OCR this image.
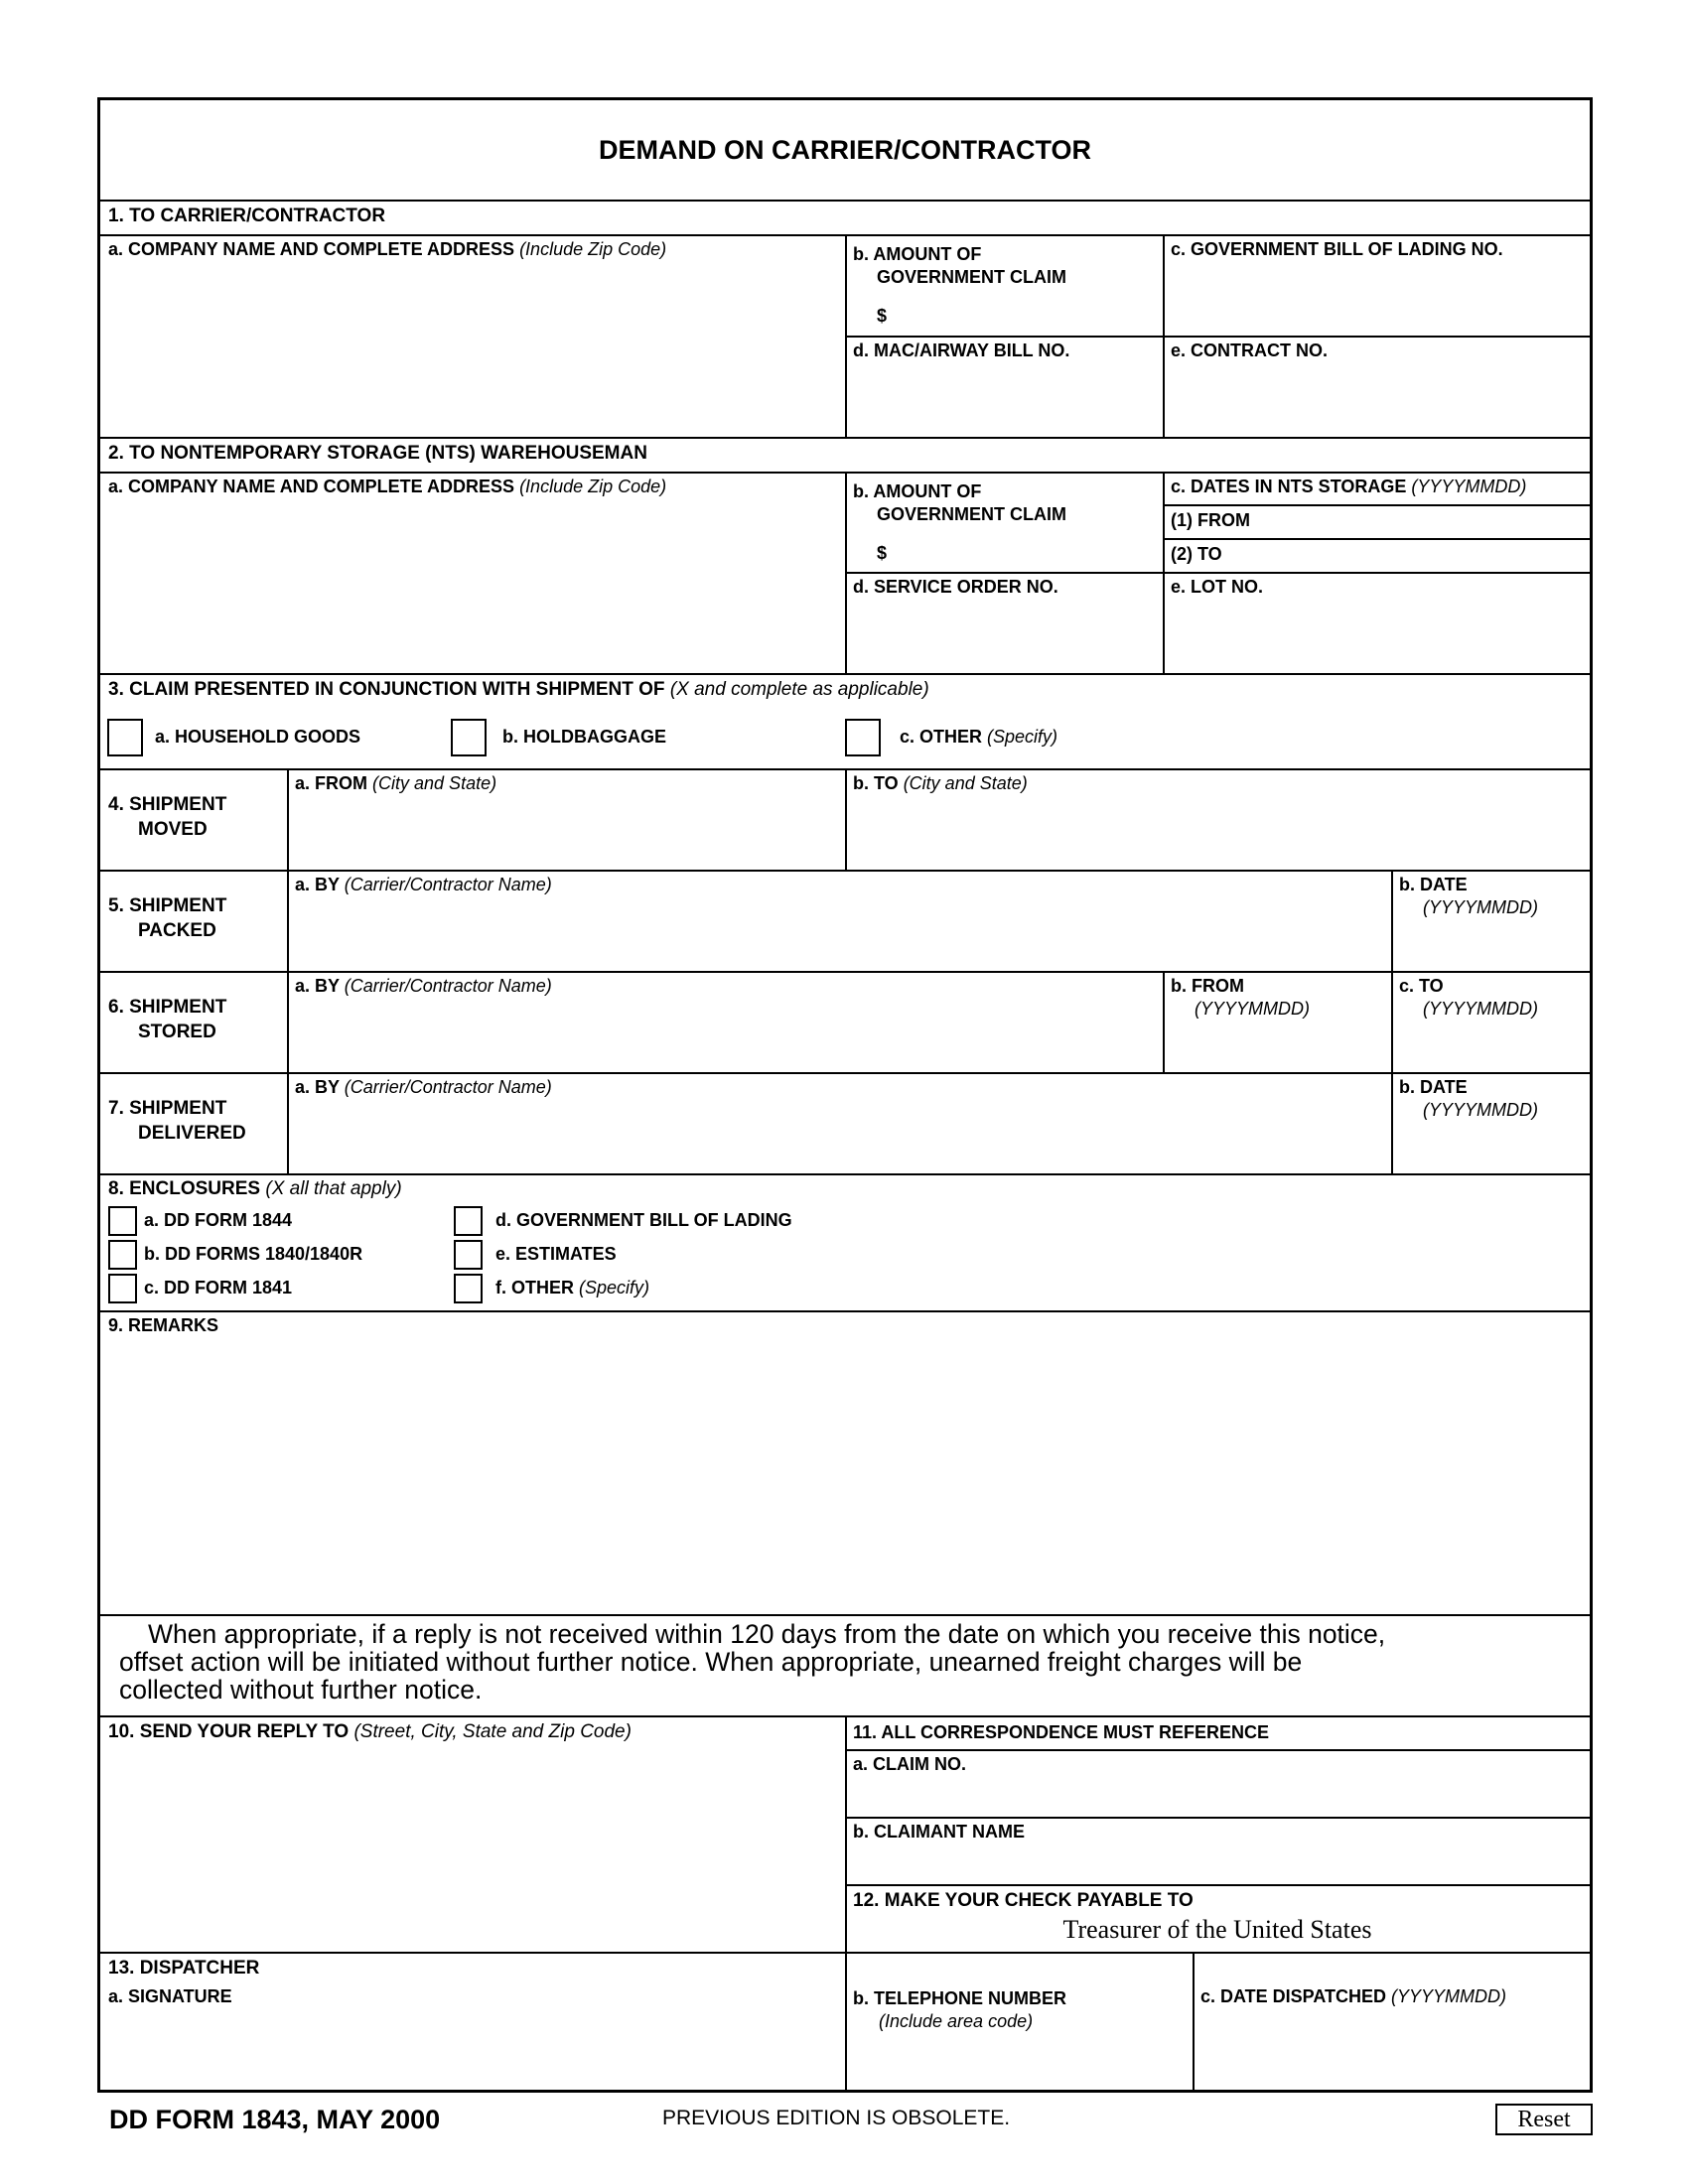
DEMAND ON CARRIER/CONTRACTOR
1. TO CARRIER/CONTRACTOR
a. COMPANY NAME AND COMPLETE ADDRESS (Include Zip Code)	b. AMOUNT OF
GOVERNMENT CLAIM
$
c. GOVERNMENT BILL OF LADING NO.
d. MAC/AIRWAY BILL NO.	e. CONTRACT NO.
2. TO NONTEMPORARY STORAGE (NTS) WAREHOUSEMAN
a. COMPANY NAME AND COMPLETE ADDRESS (Include Zip Code)	b. AMOUNT OF
GOVERNMENT CLAIM
$
c. DATES IN NTS STORAGE (YYYYMMDD)
(1) FROM
(2) TO
d. SERVICE ORDER NO.	e. LOT NO.
3. CLAIM PRESENTED IN CONJUNCTION WITH SHIPMENT OF (X and complete as applicable)
a. HOUSEHOLD GOODS	b. HOLDBAGGAGE	c. OTHER (Specify)
4. SHIPMENT
MOVED
a. FROM (City and State)	b. TO (City and State)
5. SHIPMENT
PACKED
a. BY (Carrier/Contractor Name)	b. DATE
(YYYYMMDD)
6. SHIPMENT
STORED
a. BY (Carrier/Contractor Name)	b. FROM
(YYYYMMDD)
c. TO
(YYYYMMDD)
7. SHIPMENT
DELIVERED
a. BY (Carrier/Contractor Name)	b. DATE
(YYYYMMDD)
8. ENCLOSURES (X all that apply)
a. DD FORM 1844
b. DD FORMS 1840/1840R
c. DD FORM 1841
d. GOVERNMENT BILL OF LADING
e. ESTIMATES
f. OTHER (Specify)
9. REMARKS
When appropriate, if a reply is not received within 120 days from the date on which you receive this notice,
offset action will be initiated without further notice. When appropriate, unearned freight charges will be
collected without further notice.
10. SEND YOUR REPLY TO (Street, City, State and Zip Code)	11. ALL CORRESPONDENCE MUST REFERENCE
a. CLAIM NO.
b. CLAIMANT NAME
12. MAKE YOUR CHECK PAYABLE TO
Treasurer of the United States
13. DISPATCHER
a. SIGNATURE	b. TELEPHONE NUMBER
(Include area code)
c. DATE DISPATCHED (YYYYMMDD)
DD FORM 1843, MAY 2000	PREVIOUS EDITION IS OBSOLETE.	Reset
